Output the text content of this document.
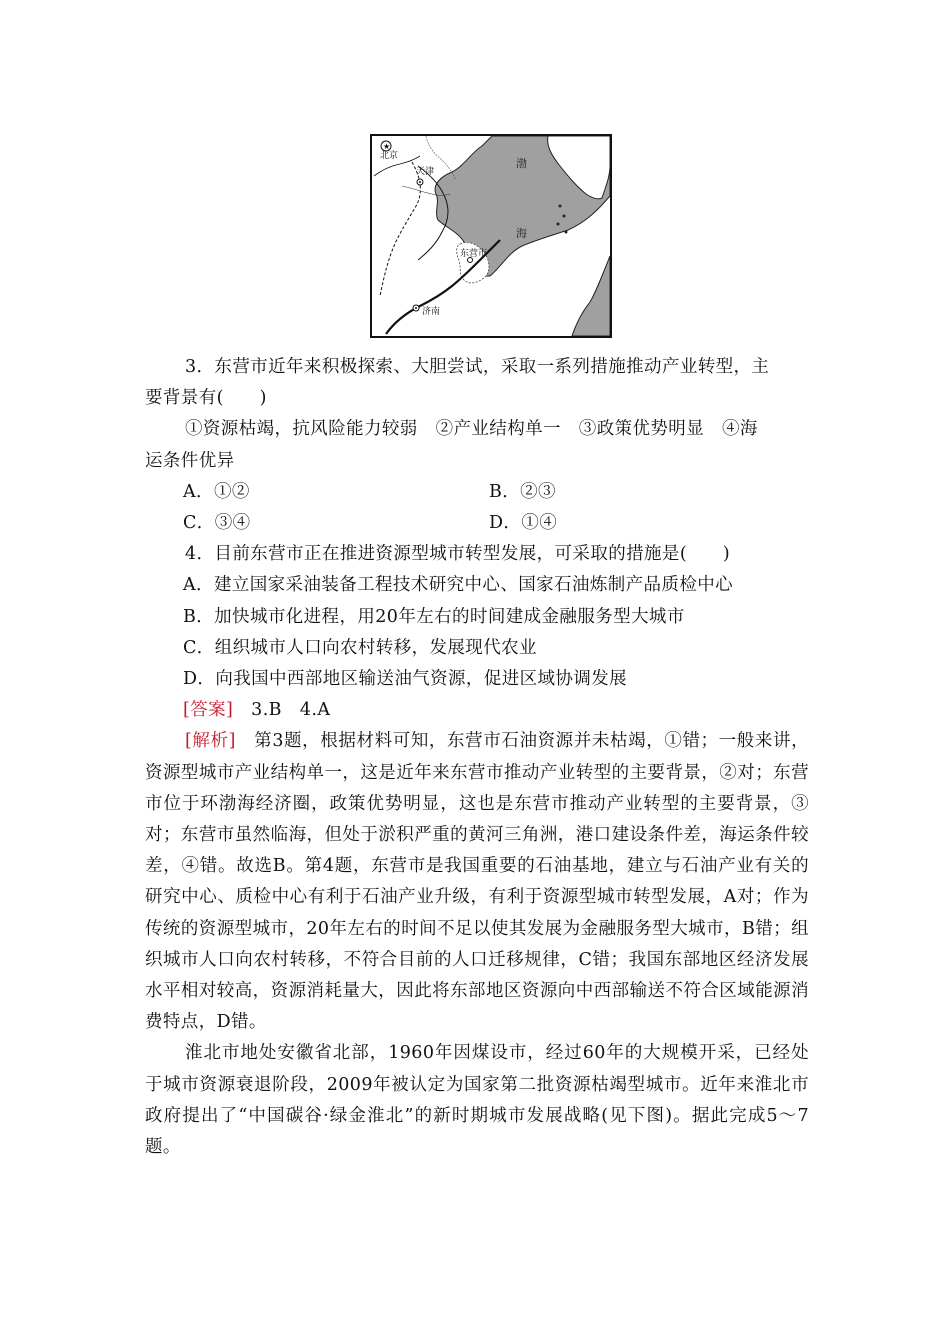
★
北京
天津
东营市
济南
渤
海

3．东营市近年来积极探索、大胆尝试，采取一系列措施推动产业转型，主

要背景有(　　)

①资源枯竭，抗风险能力较弱　②产业结构单一　③政策优势明显　④海

运条件优异

A．①②	B．②③
C．③④	D．①④

4．目前东营市正在推进资源型城市转型发展，可采取的措施是(　　)

A．建立国家采油装备工程技术研究中心、国家石油炼制产品质检中心

B．加快城市化进程，用20年左右的时间建成金融服务型大城市

C．组织城市人口向农村转移，发展现代农业

D．向我国中西部地区输送油气资源，促进区域协调发展

[答案]　3.B　4.A

[解析]　第3题，根据材料可知，东营市石油资源并未枯竭，①错；一般来讲，资源型城市产业结构单一，这是近年来东营市推动产业转型的主要背景，②对；东营市位于环渤海经济圈，政策优势明显，这也是东营市推动产业转型的主要背景，③对；东营市虽然临海，但处于淤积严重的黄河三角洲，港口建设条件差，海运条件较差，④错。故选B。第4题，东营市是我国重要的石油基地，建立与石油产业有关的研究中心、质检中心有利于石油产业升级，有利于资源型城市转型发展，A对；作为传统的资源型城市，20年左右的时间不足以使其发展为金融服务型大城市，B错；组织城市人口向农村转移，不符合目前的人口迁移规律，C错；我国东部地区经济发展水平相对较高，资源消耗量大，因此将东部地区资源向中西部输送不符合区域能源消费特点，D错。

淮北市地处安徽省北部，1960年因煤设市，经过60年的大规模开采，已经处于城市资源衰退阶段，2009年被认定为国家第二批资源枯竭型城市。近年来淮北市政府提出了“中国碳谷·绿金淮北”的新时期城市发展战略(见下图)。据此完成5～7题。
